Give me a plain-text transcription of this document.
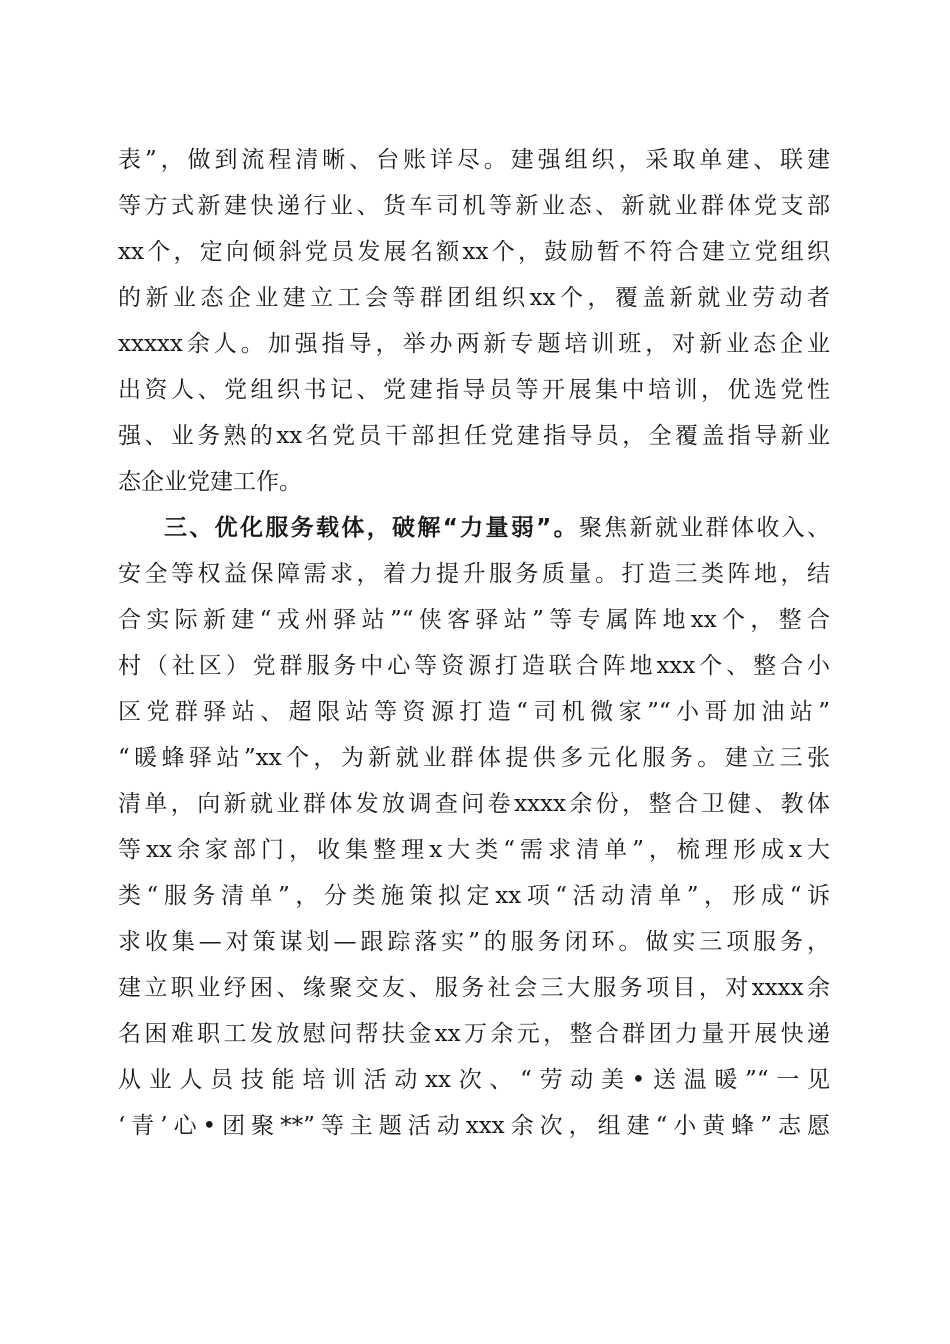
表”，做到流程清晰、台账详尽。建强组织，采取单建、联建
等方式新建快递行业、货车司机等新业态、新就业群体党支部
xx个，定向倾斜党员发展名额xx个，鼓励暂不符合建立党组织
的新业态企业建立工会等群团组织xx个，覆盖新就业劳动者
xxxxx余人。加强指导，举办两新专题培训班，对新业态企业
出资人、党组织书记、党建指导员等开展集中培训，优选党性
强、业务熟的xx名党员干部担任党建指导员，全覆盖指导新业
态企业党建工作。
三、优化服务载体，破解“力量弱”。聚焦新就业群体收入、
安全等权益保障需求，着力提升服务质量。打造三类阵地，结
合实际新建“戎州驿站”“侠客驿站”等专属阵地xx个，整合
村（社区）党群服务中心等资源打造联合阵地xxx个、整合小
区党群驿站、超限站等资源打造“司机微家”“小哥加油站”
“暖蜂驿站”xx个，为新就业群体提供多元化服务。建立三张
清单，向新就业群体发放调查问卷xxxx余份，整合卫健、教体
等xx余家部门，收集整理x大类“需求清单”，梳理形成x大
类“服务清单”，分类施策拟定xx项“活动清单”，形成“诉
求收集—对策谋划—跟踪落实”的服务闭环。做实三项服务，
建立职业纾困、缘聚交友、服务社会三大服务项目，对xxxx余
名困难职工发放慰问帮扶金xx万余元，整合群团力量开展快递
从业人员技能培训活动xx次、“劳动美•送温暖”“一见
‘青’心•团聚**”等主题活动xxx余次，组建“小黄蜂”志愿
